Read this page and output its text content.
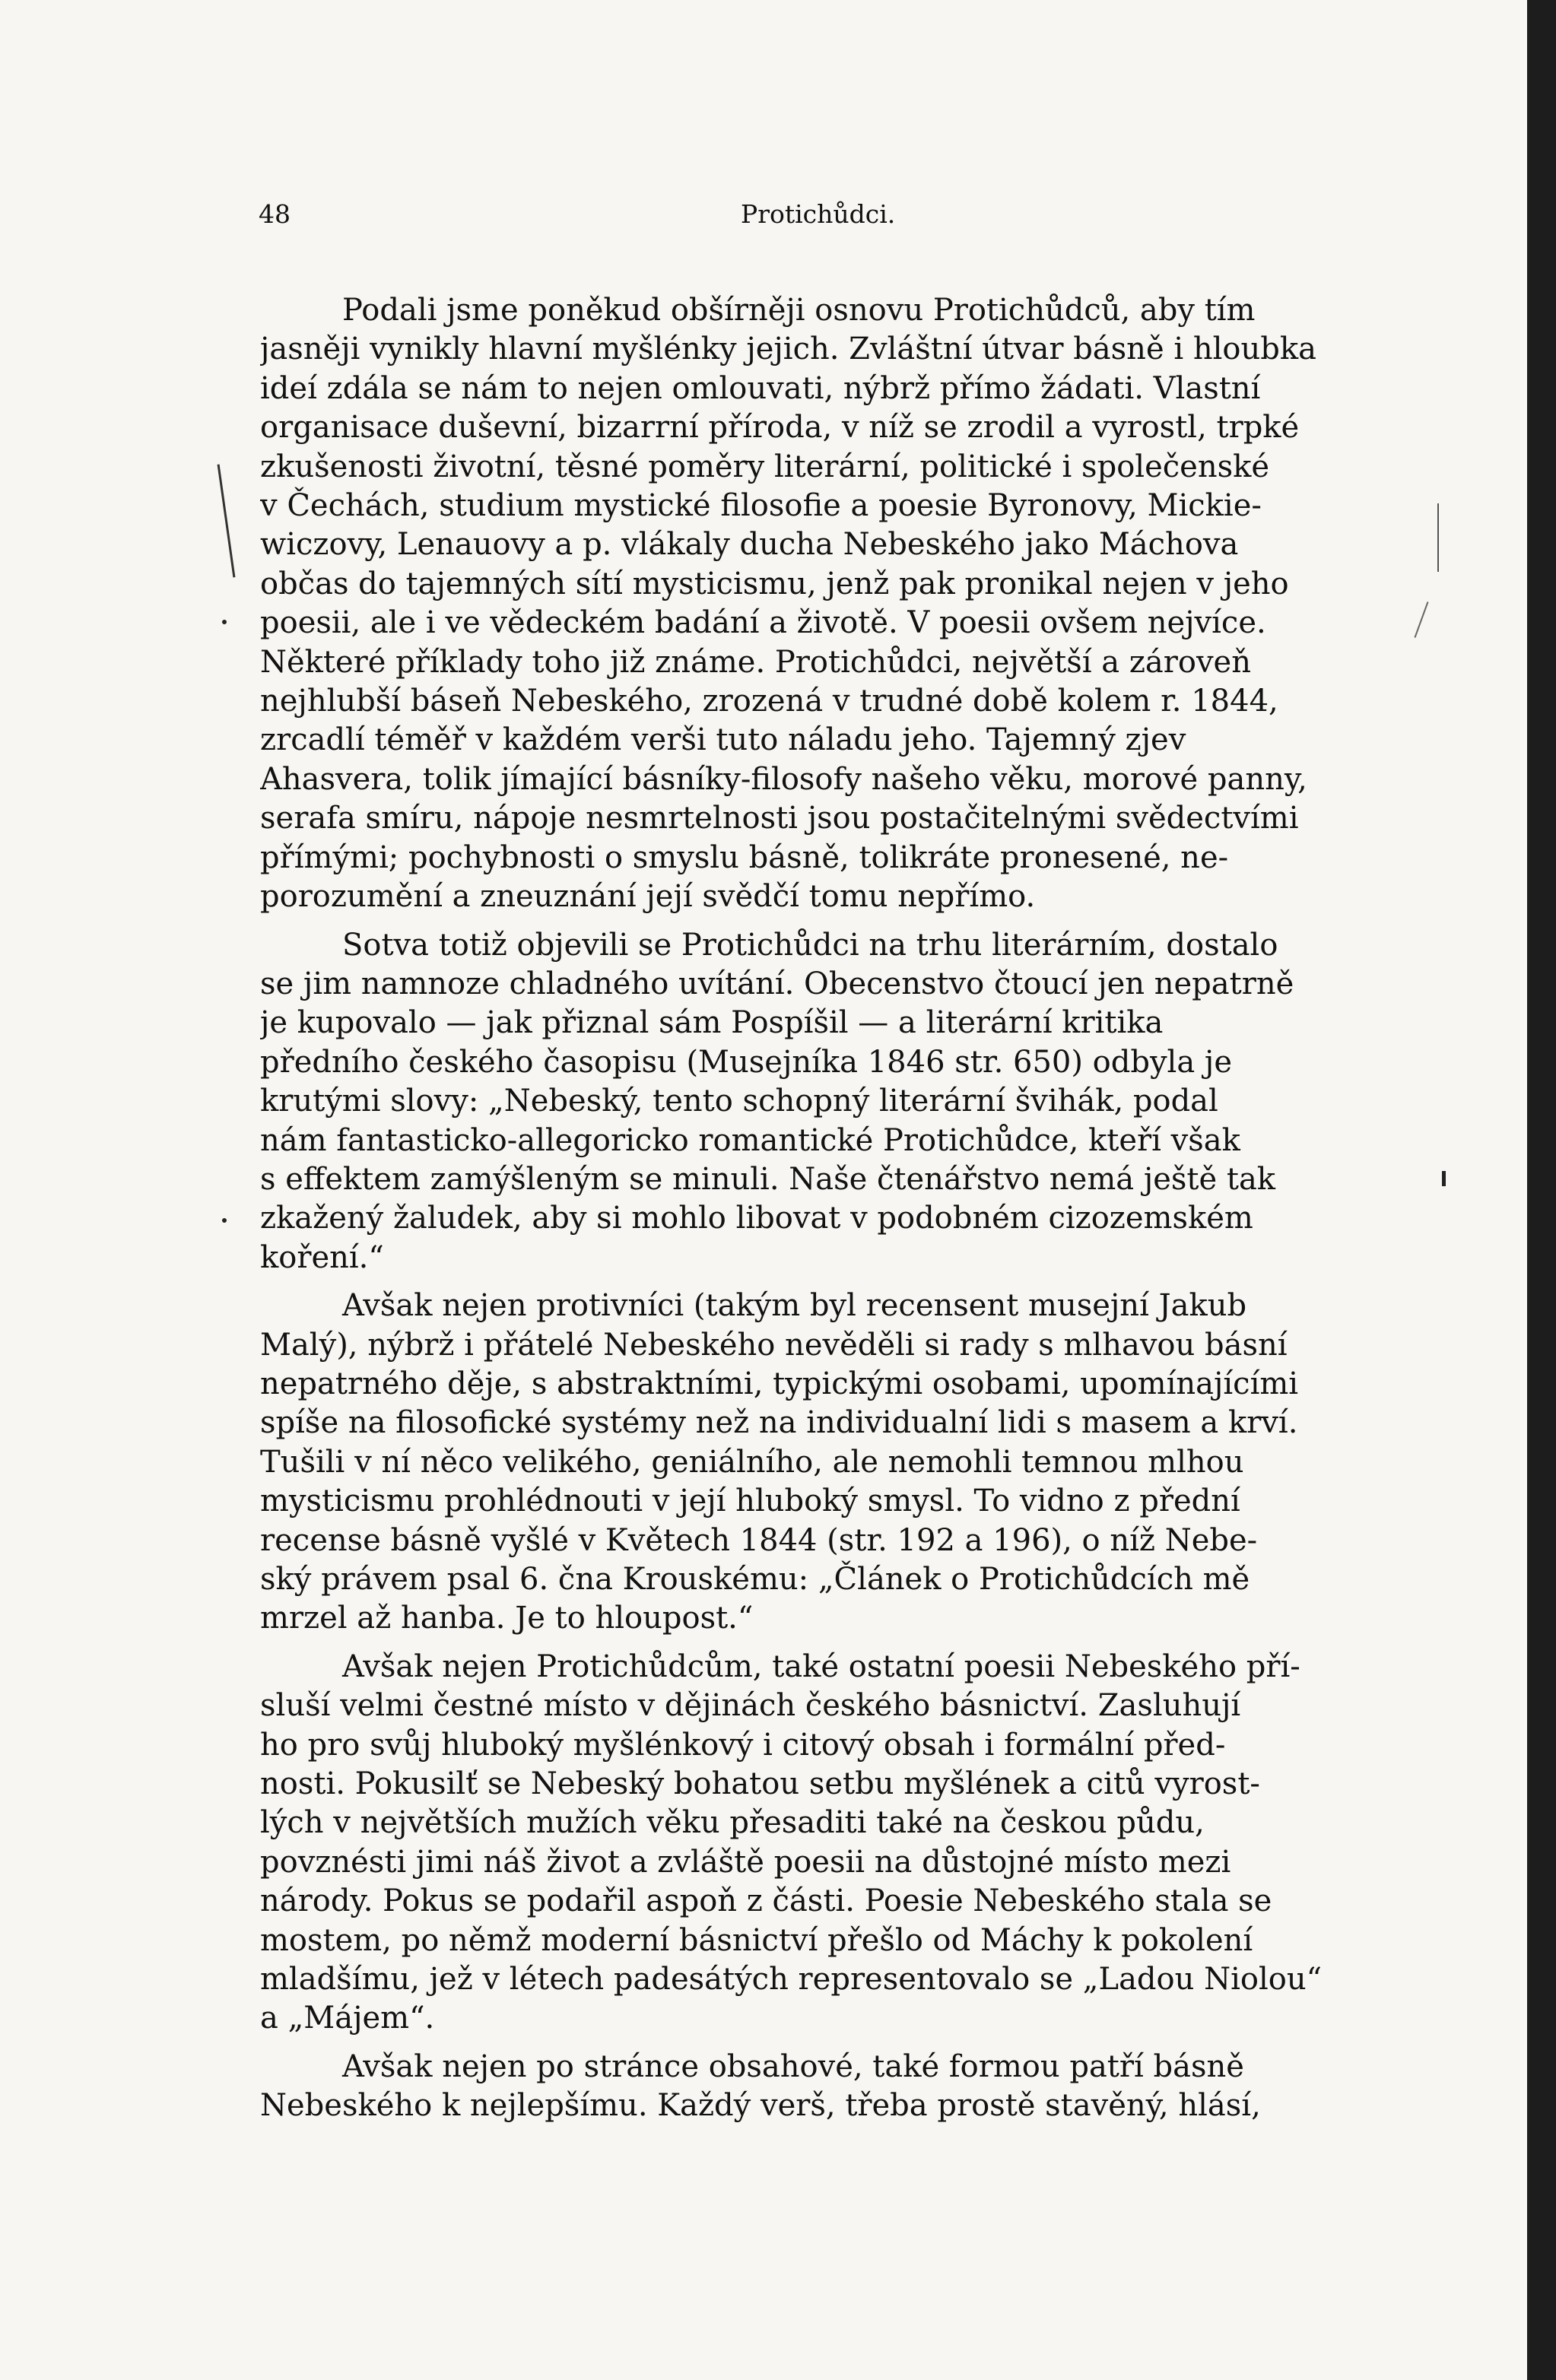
48	Protichůdci.
Podali jsme poněkud obšírněji osnovu Protichůdců, aby tím
jasněji vynikly hlavní myšlénky jejich. Zvláštní útvar básně i hloubka
ideí zdála se nám to nejen omlouvati, nýbrž přímo žádati. Vlastní
organisace duševní, bizarrní příroda, v níž se zrodil a vyrostl, trpké
zkušenosti životní, těsné poměry literární, politické i společenské
v Čechách, studium mystické filosofie a poesie Byronovy, Mickie-
wiczovy, Lenauovy a p. vlákaly ducha Nebeského jako Máchova
občas do tajemných sítí mysticismu, jenž pak pronikal nejen v jeho
poesii, ale i ve vědeckém badání a životě. V poesii ovšem nejvíce.
Některé příklady toho již známe. Protichůdci, největší a zároveň
nejhlubší báseň Nebeského, zrozená v trudné době kolem r. 1844,
zrcadlí téměř v každém verši tuto náladu jeho. Tajemný zjev
Ahasvera, tolik jímající básníky-filosofy našeho věku, morové panny,
serafa smíru, nápoje nesmrtelnosti jsou postačitelnými svědectvími
přímými; pochybnosti o smyslu básně, tolikráte pronesené, ne-
porozumění a zneuznání její svědčí tomu nepřímo.
Sotva totiž objevili se Protichůdci na trhu literárním, dostalo
se jim namnoze chladného uvítání. Obecenstvo čtoucí jen nepatrně
je kupovalo — jak přiznal sám Pospíšil — a literární kritika
předního českého časopisu (Musejníka 1846 str. 650) odbyla je
krutými slovy: „Nebeský, tento schopný literární švihák, podal
nám fantasticko-allegoricko romantické Protichůdce, kteří však
s effektem zamýšleným se minuli. Naše čtenářstvo nemá ještě tak
zkažený žaludek, aby si mohlo libovat v podobném cizozemském
koření.“
Avšak nejen protivníci (takým byl recensent musejní Jakub
Malý), nýbrž i přátelé Nebeského nevěděli si rady s mlhavou básní
nepatrného děje, s abstraktními, typickými osobami, upomínajícími
spíše na filosofické systémy než na individualní lidi s masem a krví.
Tušili v ní něco velikého, geniálního, ale nemohli temnou mlhou
mysticismu prohlédnouti v její hluboký smysl. To vidno z přední
recense básně vyšlé v Květech 1844 (str. 192 a 196), o níž Nebe-
ský právem psal 6. čna Krouskému: „Článek o Protichůdcích mě
mrzel až hanba. Je to hloupost.“
Avšak nejen Protichůdcům, také ostatní poesii Nebeského pří-
sluší velmi čestné místo v dějinách českého básnictví. Zasluhují
ho pro svůj hluboký myšlénkový i citový obsah i formální před-
nosti. Pokusilť se Nebeský bohatou setbu myšlének a citů vyrost-
lých v největších mužích věku přesaditi také na českou půdu,
povznésti jimi náš život a zvláště poesii na důstojné místo mezi
národy. Pokus se podařil aspoň z části. Poesie Nebeského stala se
mostem, po němž moderní básnictví přešlo od Máchy k pokolení
mladšímu, jež v létech padesátých representovalo se „Ladou Niolou“
a „Májem“.
Avšak nejen po stránce obsahové, také formou patří básně
Nebeského k nejlepšímu. Každý verš, třeba prostě stavěný, hlásí,
